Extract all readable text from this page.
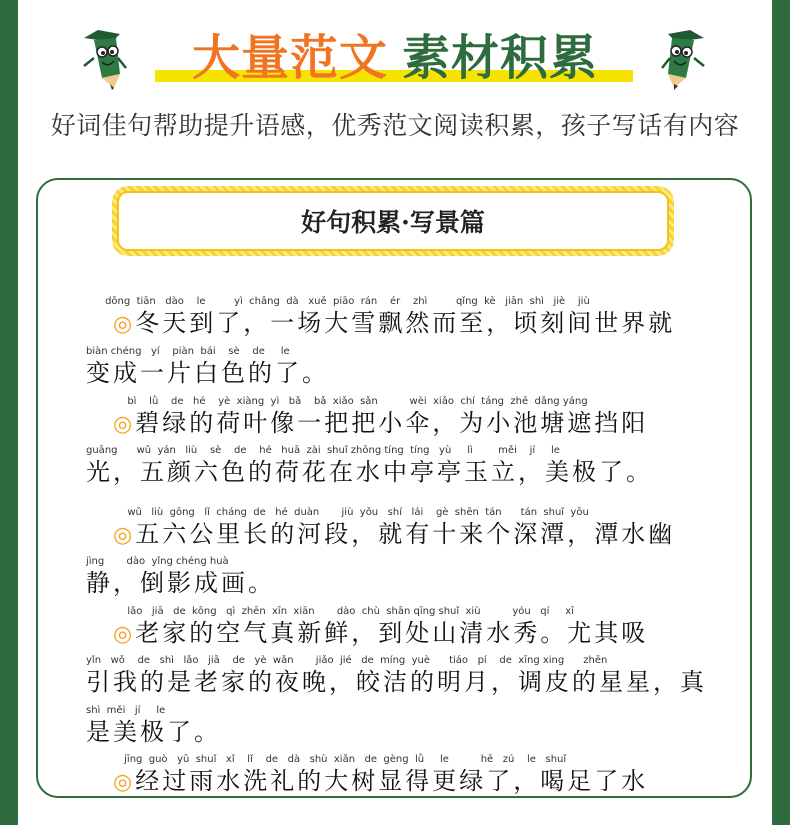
大量范文 素材积累
好词佳句帮助提升语感，优秀范文阅读积累，孩子写话有内容
好句积累·写景篇
dōng  tiān   dào    le         yì  chǎng  dà   xuě  piāo  rán    ér    zhì         qǐng  kè   jiān  shì   jiè    jiù
　◎冬天到了，一场大雪飘然而至，顷刻间世界就
biàn chéng   yí    piàn  bái    sè    de     le
变成一片白色的了。
bì    lǜ    de   hé    yè  xiàng  yì   bǎ    bǎ  xiǎo  sǎn          wèi  xiǎo  chí  táng  zhē  dǎng yáng
　◎碧绿的荷叶像一把把小伞，为小池塘遮挡阳
guāng      wǔ  yán   liù    sè    de    hé   huā  zài  shuǐ zhōng tíng  tíng   yù     lì        měi    jí     le
光，五颜六色的荷花在水中亭亭玉立，美极了。
wǔ   liù  gōng   lǐ  cháng  de   hé  duàn       jiù  yǒu   shí   lái    gè  shēn  tán      tán  shuǐ  yōu
　◎五六公里长的河段，就有十来个深潭，潭水幽
jìng       dào  yǐng chéng huà
静，倒影成画。
lǎo   jiā   de  kōng   qì  zhēn  xīn  xiān       dào  chù  shān qīng shuǐ  xiù          yóu   qí     xī
　◎老家的空气真新鲜，到处山清水秀。尤其吸
yǐn   wǒ    de   shì   lǎo   jiā    de   yè  wǎn       jiǎo  jié   de  míng  yuè      tiáo   pí    de  xīng xing      zhēn
引我的是老家的夜晚，皎洁的明月，调皮的星星，真
shì  měi   jí     le
是美极了。
jīng  guò   yǔ  shuǐ   xǐ    lǐ    de   dà   shù  xiǎn   de  gèng  lǜ     le          hē   zú    le   shuǐ
　◎经过雨水洗礼的大树显得更绿了，喝足了水
